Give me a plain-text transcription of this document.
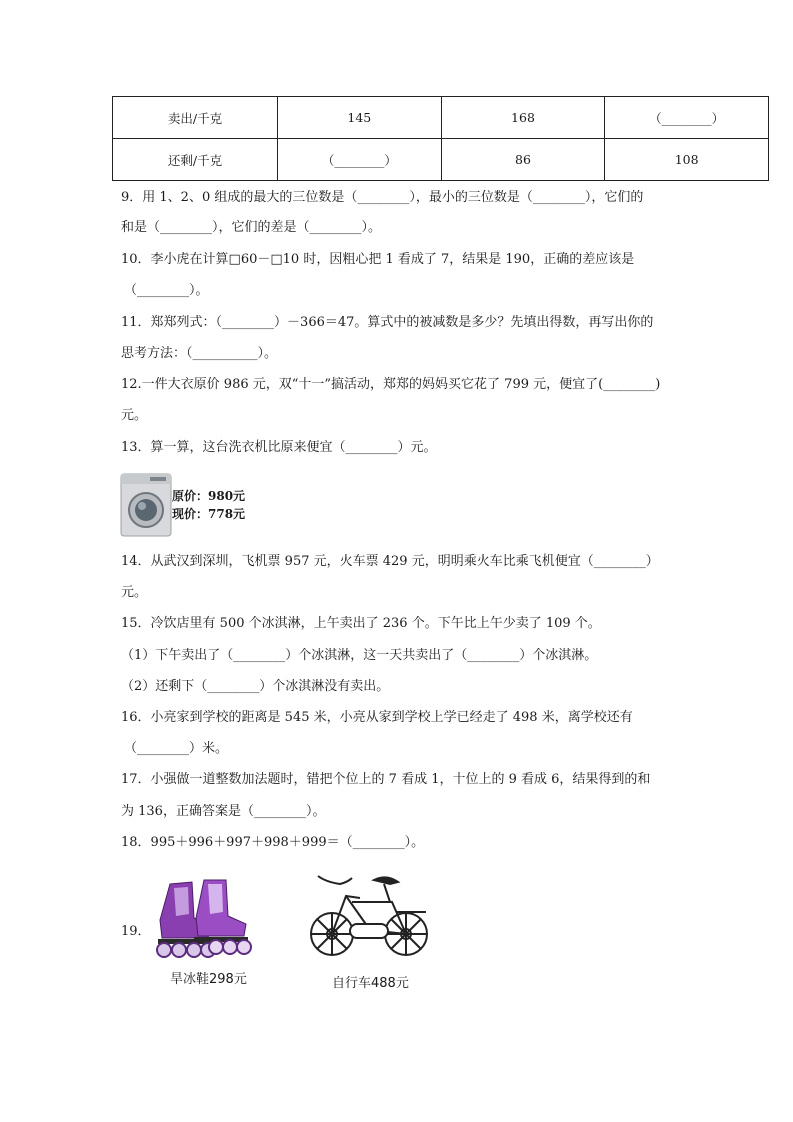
卖出/千克	145	168	（________）
还剩/千克	（________）	86	108
9．用 1、2、0 组成的最大的三位数是（________），最小的三位数是（________），它们的
和是（________），它们的差是（________）。
10．李小虎在计算□60－□10 时，因粗心把 1 看成了 7，结果是 190，正确的差应该是
（________）。
11．郑郑列式：（________）－366＝47。算式中的被减数是多少？先填出得数，再写出你的
思考方法：（__________）。
12.一件大衣原价 986 元，双“十一”搞活动，郑郑的妈妈买它花了 799 元，便宜了(________)
元。
13．算一算，这台洗衣机比原来便宜（________）元。
原价：980元
现价：778元
14．从武汉到深圳，飞机票 957 元，火车票 429 元，明明乘火车比乘飞机便宜（________）
元。
15．冷饮店里有 500 个冰淇淋，上午卖出了 236 个。下午比上午少卖了 109 个。
（1）下午卖出了（________）个冰淇淋，这一天共卖出了（________）个冰淇淋。
（2）还剩下（________）个冰淇淋没有卖出。
16．小亮家到学校的距离是 545 米，小亮从家到学校上学已经走了 498 米，离学校还有
（________）米。
17．小强做一道整数加法题时，错把个位上的 7 看成 1，十位上的 9 看成 6，结果得到的和
为 136，正确答案是（________）。
18．995＋996＋997＋998＋999＝（________）。
19．
旱冰鞋298元	自行车488元
